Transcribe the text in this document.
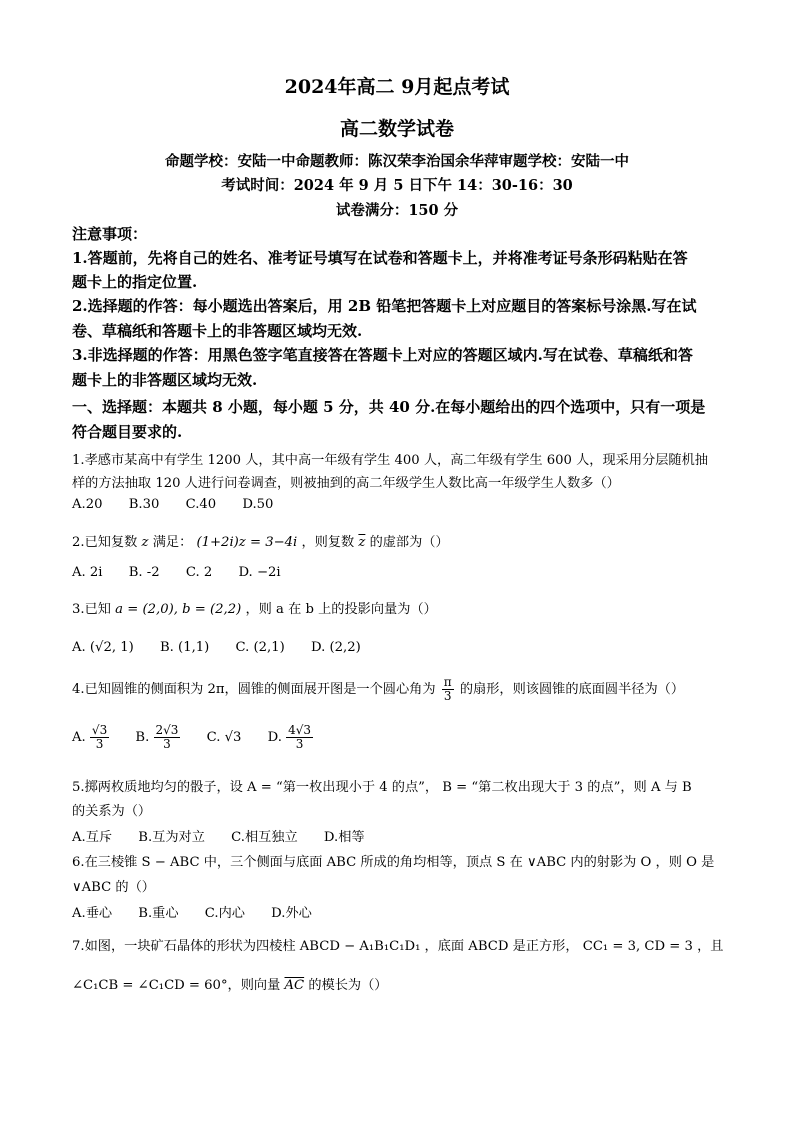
2024年高二 9月起点考试
高二数学试卷
命题学校：安陆一中命题教师：陈汉荣李治国余华萍审题学校：安陆一中
考试时间：2024 年 9 月 5 日下午 14：30-16：30
试卷满分：150 分
注意事项：
1.答题前，先将自己的姓名、准考证号填写在试卷和答题卡上，并将准考证号条形码粘贴在答
题卡上的指定位置.
2.选择题的作答：每小题选出答案后，用 2B 铅笔把答题卡上对应题目的答案标号涂黑.写在试
卷、草稿纸和答题卡上的非答题区域均无效.
3.非选择题的作答：用黑色签字笔直接答在答题卡上对应的答题区域内.写在试卷、草稿纸和答
题卡上的非答题区域均无效.
一、选择题：本题共 8 小题，每小题 5 分，共 40 分.在每小题给出的四个选项中，只有一项是
符合题目要求的.
1.孝感市某高中有学生 1200 人，其中高一年级有学生 400 人，高二年级有学生 600 人，现采用分层随机抽
样的方法抽取 120 人进行问卷调查，则被抽到的高二年级学生人数比高一年级学生人数多（）
A.20 B.30 C.40 D.50
2.已知复数 z 满足： (1+2i)z = 3−4i ，则复数 $\overline{z}$ 的虚部为（）
A. 2i B. -2 C. 2 D. −2i
3.已知 a = (2,0), b = (2,2) ，则 a 在 b 上的投影向量为（）
A. (√2, 1) B. (1,1) C. (2,1) D. (2,2)
4.已知圆锥的侧面积为 2π，圆锥的侧面展开图是一个圆心角为 $\frac{\pi}{3}$ 的扇形，则该圆锥的底面圆半径为（）
A. $\frac{√3}{3} B$. $\frac{2√3}{3} C$. √3 D. $\frac{4√3}{3}$
5.掷两枚质地均匀的骰子，设 A = “第一枚出现小于 4 的点”， B = “第二枚出现大于 3 的点”，则 A 与 B
的关系为（）
A.互斥 B.互为对立 C.相互独立 D.相等
6.在三棱锥 S − ABC 中，三个侧面与底面 ABC 所成的角均相等，顶点 S 在 ∨ABC 内的射影为 O ，则 O 是
∨ABC 的（）
A.垂心 B.重心 C.内心 D.外心
7.如图，一块矿石晶体的形状为四棱柱 ABCD − A₁B₁C₁D₁ ，底面 ABCD 是正方形， CC₁ = 3, CD = 3 ，且
∠C₁CB = ∠C₁CD = 60°，则向量 $\overline{AC}$ 的模长为（）
